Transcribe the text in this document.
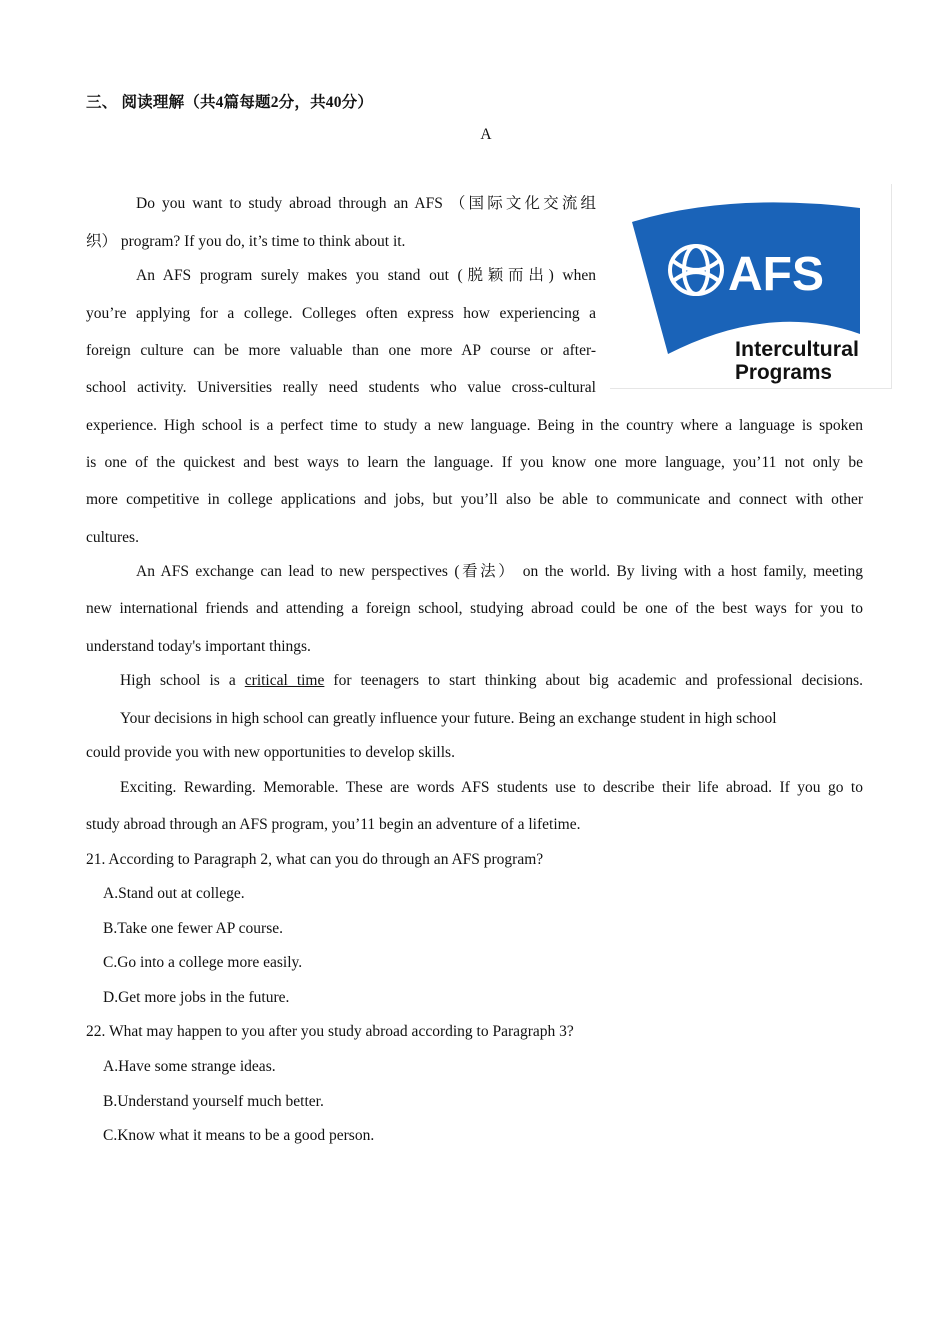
三、 阅读理解（共4篇每题2分，共40分）
A
AFS
Intercultural
Programs
Do you want to study abroad through an AFS （国际文化交流组
织） program? If you do, it’s time to think about it.
An AFS program surely makes you stand out (脱颖而出) when
you’re applying for a college. Colleges often express how experiencing a
foreign culture can be more valuable than one more AP course or after-
school activity. Universities really need students who value cross-cultural
experience. High school is a perfect time to study a new language. Being in the country where a language is spoken
is one of the quickest and best ways to learn the language. If you know one more language, you’11 not only be
more competitive in college applications and jobs, but you’ll also be able to communicate and connect with other
cultures.
An AFS exchange can lead to new perspectives (看法） on the world. By living with a host family, meeting
new international friends and attending a foreign school, studying abroad could be one of the best ways for you to
understand today's important things.
High school is a critical time for teenagers to start thinking about big academic and professional decisions.
Your decisions in high school can greatly influence your future. Being an exchange student in high school
could provide you with new opportunities to develop skills.
Exciting. Rewarding. Memorable. These are words AFS students use to describe their life abroad. If you go to
study abroad through an AFS program, you’11 begin an adventure of a lifetime.
21. According to Paragraph 2, what can you do through an AFS program?
A.Stand out at college.
B.Take one fewer AP course.
C.Go into a college more easily.
D.Get more jobs in the future.
22. What may happen to you after you study abroad according to Paragraph 3?
A.Have some strange ideas.
B.Understand yourself much better.
C.Know what it means to be a good person.
